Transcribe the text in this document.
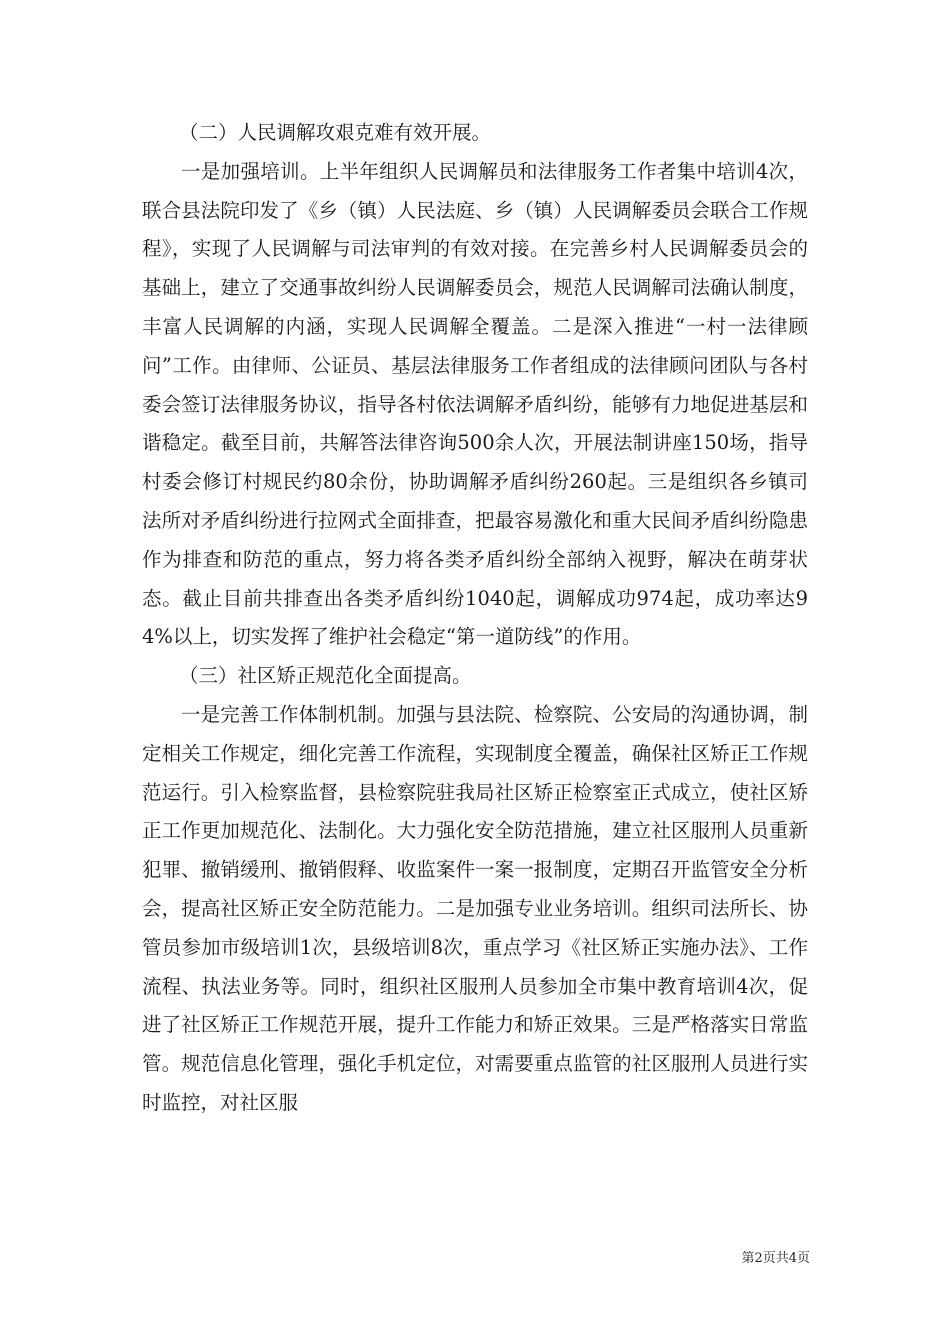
（二）人民调解攻艰克难有效开展。

一是加强培训。上半年组织人民调解员和法律服务工作者集中培训4次，联合县法院印发了《乡（镇）人民法庭、乡（镇）人民调解委员会联合工作规程》，实现了人民调解与司法审判的有效对接。在完善乡村人民调解委员会的基础上，建立了交通事故纠纷人民调解委员会，规范人民调解司法确认制度，丰富人民调解的内涵，实现人民调解全覆盖。二是深入推进“一村一法律顾问”工作。由律师、公证员、基层法律服务工作者组成的法律顾问团队与各村委会签订法律服务协议，指导各村依法调解矛盾纠纷，能够有力地促进基层和谐稳定。截至目前，共解答法律咨询500余人次，开展法制讲座150场，指导村委会修订村规民约80余份，协助调解矛盾纠纷260起。三是组织各乡镇司法所对矛盾纠纷进行拉网式全面排查，把最容易激化和重大民间矛盾纠纷隐患作为排查和防范的重点，努力将各类矛盾纠纷全部纳入视野，解决在萌芽状态。截止目前共排查出各类矛盾纠纷1040起，调解成功974起，成功率达94%以上，切实发挥了维护社会稳定“第一道防线”的作用。

（三）社区矫正规范化全面提高。

一是完善工作体制机制。加强与县法院、检察院、公安局的沟通协调，制定相关工作规定，细化完善工作流程，实现制度全覆盖，确保社区矫正工作规范运行。引入检察监督，县检察院驻我局社区矫正检察室正式成立，使社区矫正工作更加规范化、法制化。大力强化安全防范措施，建立社区服刑人员重新犯罪、撤销缓刑、撤销假释、收监案件一案一报制度，定期召开监管安全分析会，提高社区矫正安全防范能力。二是加强专业业务培训。组织司法所长、协管员参加市级培训1次，县级培训8次，重点学习《社区矫正实施办法》、工作流程、执法业务等。同时，组织社区服刑人员参加全市集中教育培训4次，促进了社区矫正工作规范开展，提升工作能力和矫正效果。三是严格落实日常监管。规范信息化管理，强化手机定位，对需要重点监管的社区服刑人员进行实时监控，对社区服

第2页共4页
